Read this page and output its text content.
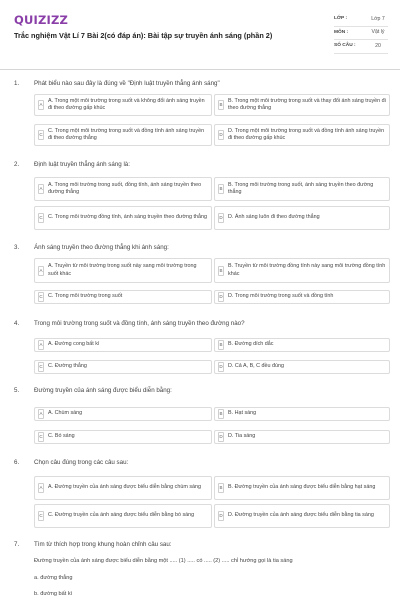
QUIZIZZ
Trắc nghiệm Vật Lí 7 Bài 2(có đáp án): Bài tập sự truyền ánh sáng (phần 2)
LỚP :	Lớp 7
MÔN :	Vật lý
SỐ CÂU :	20
1. Phát biểu nào sau đây là đúng về "Định luật truyền thẳng ánh sáng"
A
A. Trong một môi trường trong suốt và không đổi ánh sáng truyền đi theo đường gấp khúc
B
B. Trong một môi trường trong suốt và thay đổi ánh sáng truyền đi theo đường thẳng
C
C. Trong một môi trường trong suốt và đồng tính ánh sáng truyền đi theo đường thẳng
D
D. Trong một môi trường trong suốt và đồng tính ánh sáng truyền đi theo đường gấp khúc
2. Định luật truyền thẳng ánh sáng là:
A
A. Trong môi trường trong suốt, đồng tính, ánh sáng truyền theo đường thẳng
B
B. Trong môi trường trong suốt, ánh sáng truyền theo đường thẳng
C C. Trong môi trường đồng tính, ánh sáng truyền theo đường thẳng	D D. Ánh sáng luôn đi theo đường thẳng
3. Ánh sáng truyền theo đường thẳng khi ánh sáng:
A
A. Truyền từ môi trường trong suốt này sang môi trường trong suốt khác
B
B. Truyền từ môi trường đồng tính này sang môi trường đồng tính khác
C C. Trong môi trường trong suốt	D D. Trong môi trường trong suốt và đồng tính
4. Trong môi trường trong suốt và đồng tính, ánh sáng truyền theo đường nào?
A A. Đường cong bất kì	B B. Đường dích dắc
C C. Đường thẳng	D D. Cả A, B, C đều đúng
5. Đường truyền của ánh sáng được biểu diễn bằng:
A A. Chùm sáng	B B. Hạt sáng
C C. Bó sáng	D D. Tia sáng
6. Chọn câu đúng trong các câu sau:
A A. Đường truyền của ánh sáng được biểu diễn bằng chùm sáng	B B. Đường truyền của ánh sáng được biểu diễn bằng hạt sáng
C C. Đường truyền của ánh sáng được biểu diễn bằng bó sáng	D D. Đường truyền của ánh sáng được biểu diễn bằng tia sáng
7. Tìm từ thích hợp trong khung hoàn chỉnh câu sau:
Đường truyền của ánh sáng được biểu diễn bằng một ..... (1) ..... có ..... (2) ..... chỉ hướng gọi là tia sáng
a. đường thẳng
b. đường bất kì
